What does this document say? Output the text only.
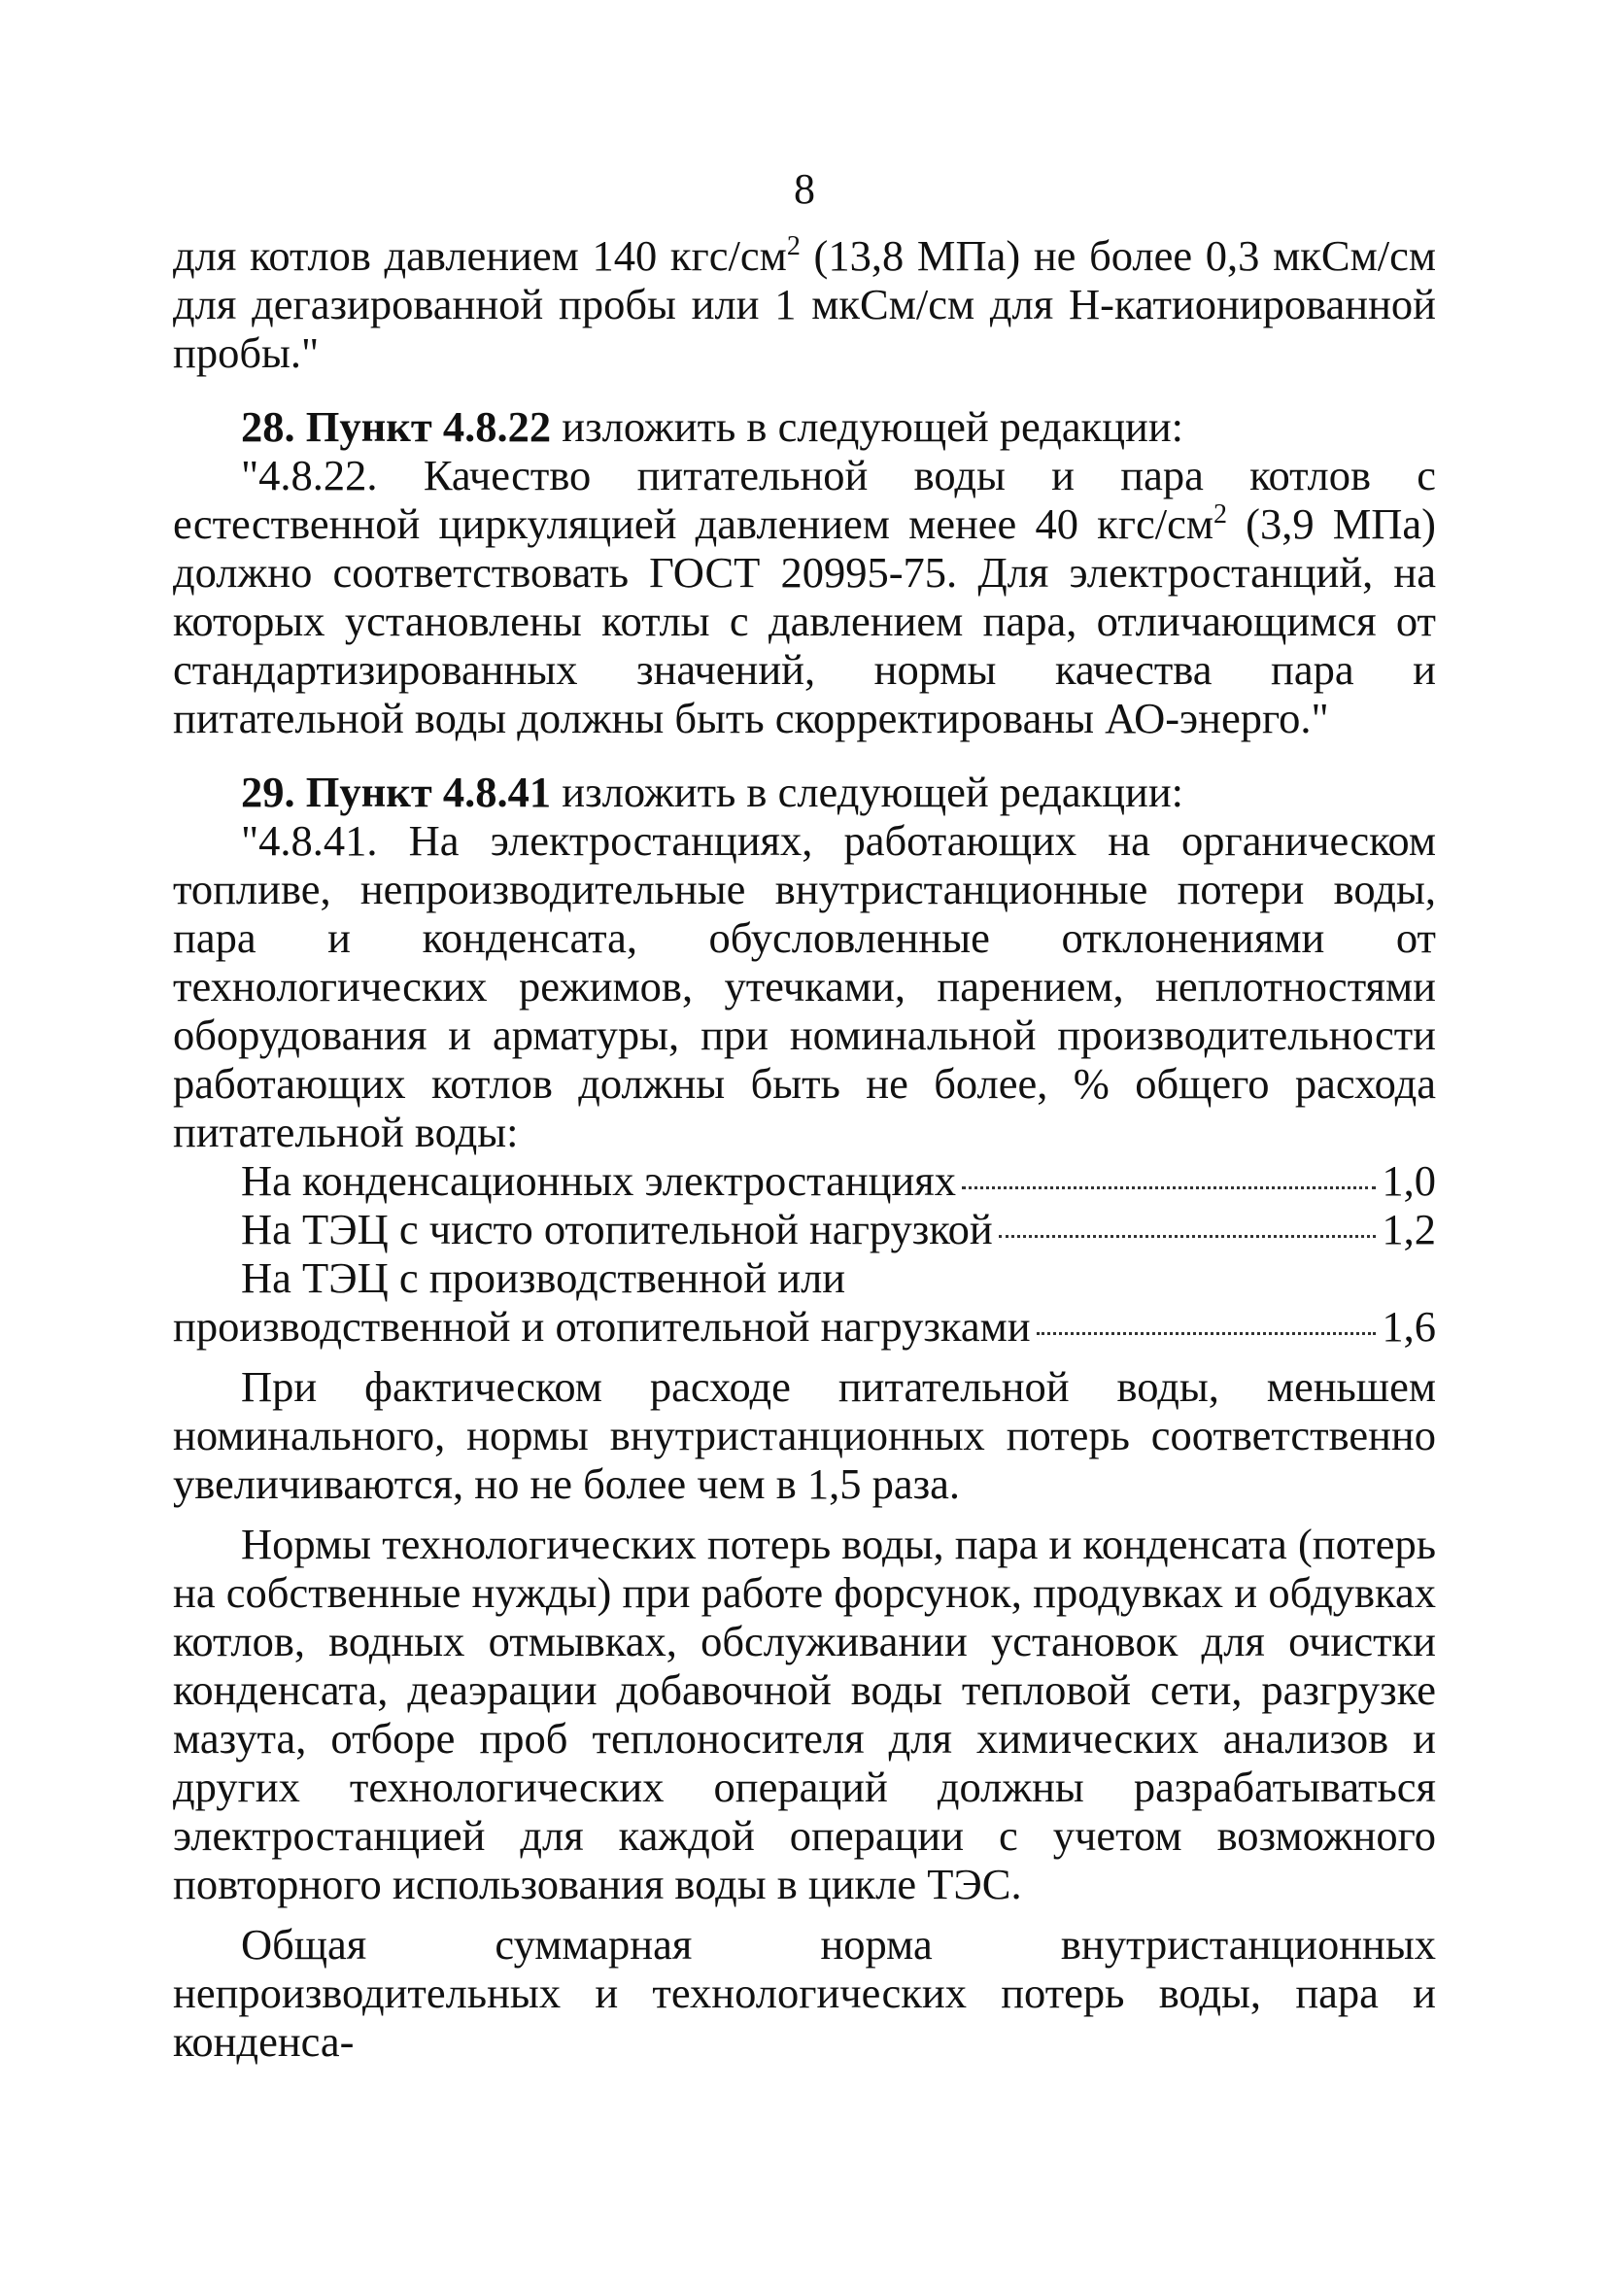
8

для котлов давлением 140 кгс/$см^2$ (13,8 МПа) не более 0,3 мкСм/см для дегазированной пробы или 1 мкСм/см для Н-катионированной пробы."

28. Пункт 4.8.22 изложить в следующей редакции:

"4.8.22. Качество питательной воды и пара котлов с естественной циркуляцией давлением менее 40 кгс/$см^2$ (3,9 МПа) должно соответствовать ГОСТ 20995-75. Для электростанций, на которых установлены котлы с давлением пара, отличающимся от стандартизированных значений, нормы качества пара и питательной воды должны быть скорректированы АО-энерго."

29. Пункт 4.8.41 изложить в следующей редакции:

"4.8.41. На электростанциях, работающих на органическом топливе, непроизводительные внутристанционные потери воды, пара и конденсата, обусловленные отклонениями от технологических режимов, утечками, парением, неплотностями оборудования и арматуры, при номинальной производительности работающих котлов должны быть не более, % общего расхода питательной воды:

На конденсационных электростанциях	1,0
На ТЭЦ с чисто отопительной нагрузкой	1,2
На ТЭЦ с производственной или
производственной и отопительной нагрузками	1,6

При фактическом расходе питательной воды, меньшем номинального, нормы внутристанционных потерь соответственно увеличиваются, но не более чем в 1,5 раза.

Нормы технологических потерь воды, пара и конденсата (потерь на собственные нужды) при работе форсунок, продувках и обдувках котлов, водных отмывках, обслуживании установок для очистки конденсата, деаэрации добавочной воды тепловой сети, разгрузке мазута, отборе проб теплоносителя для химических анализов и других технологических операций должны разрабатываться электростанцией для каждой операции с учетом возможного повторного использования воды в цикле ТЭС.

Общая суммарная норма внутристанционных непроизводительных и технологических потерь воды, пара и конденса-
